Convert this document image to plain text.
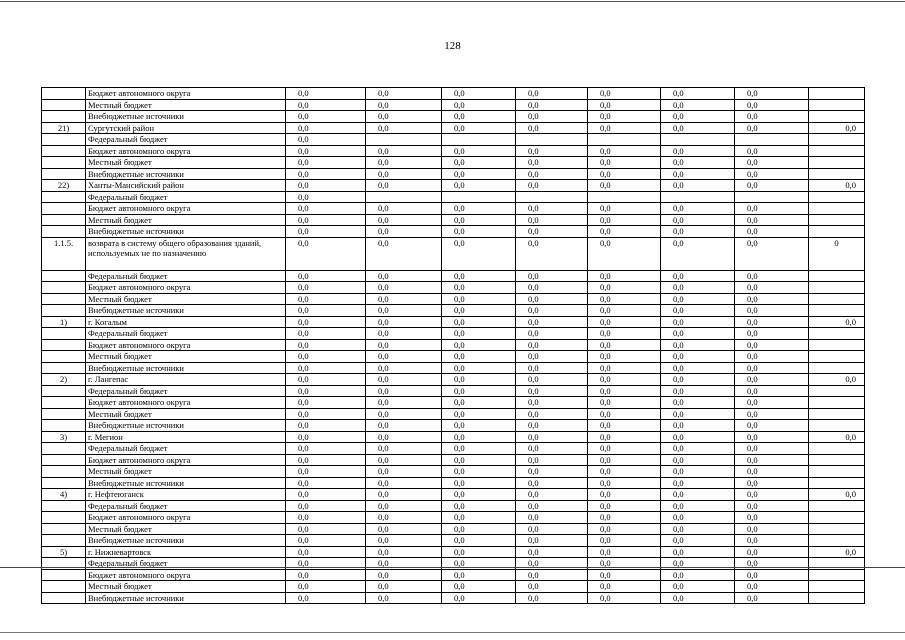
128
	Бюджет автономного округа	0,0	0,0	0,0	0,0	0,0	0,0	0,0	
	Местный бюджет	0,0	0,0	0,0	0,0	0,0	0,0	0,0	
	Внебюджетные источники	0,0	0,0	0,0	0,0	0,0	0,0	0,0	
21)	Сургутский район	0,0	0,0	0,0	0,0	0,0	0,0	0,0	0,0
	Федеральный бюджет	0,0							
	Бюджет автономного округа	0,0	0,0	0,0	0,0	0,0	0,0	0,0	
	Местный бюджет	0,0	0,0	0,0	0,0	0,0	0,0	0,0	
	Внебюджетные источники	0,0	0,0	0,0	0,0	0,0	0,0	0,0	
22)	Ханты-Мансийский район	0,0	0,0	0,0	0,0	0,0	0,0	0,0	0,0
	Федеральный бюджет	0,0							
	Бюджет автономного округа	0,0	0,0	0,0	0,0	0,0	0,0	0,0	
	Местный бюджет	0,0	0,0	0,0	0,0	0,0	0,0	0,0	
	Внебюджетные источники	0,0	0,0	0,0	0,0	0,0	0,0	0,0	
1.1.5.	возврата в систему общего образования зданий, используемых не по назначению	0,0	0,0	0,0	0,0	0,0	0,0	0,0	0
	Федеральный бюджет	0,0	0,0	0,0	0,0	0,0	0,0	0,0	
	Бюджет автономного округа	0,0	0,0	0,0	0,0	0,0	0,0	0,0	
	Местный бюджет	0,0	0,0	0,0	0,0	0,0	0,0	0,0	
	Внебюджетные источники	0,0	0,0	0,0	0,0	0,0	0,0	0,0	
1)	г. Когалым	0,0	0,0	0,0	0,0	0,0	0,0	0,0	0,0
	Федеральный бюджет	0,0	0,0	0,0	0,0	0,0	0,0	0,0	
	Бюджет автономного округа	0,0	0,0	0,0	0,0	0,0	0,0	0,0	
	Местный бюджет	0,0	0,0	0,0	0,0	0,0	0,0	0,0	
	Внебюджетные источники	0,0	0,0	0,0	0,0	0,0	0,0	0,0	
2)	г. Лангепас	0,0	0,0	0,0	0,0	0,0	0,0	0,0	0,0
	Федеральный бюджет	0,0	0,0	0,0	0,0	0,0	0,0	0,0	
	Бюджет автономного округа	0,0	0,0	0,0	0,0	0,0	0,0	0,0	
	Местный бюджет	0,0	0,0	0,0	0,0	0,0	0,0	0,0	
	Внебюджетные источники	0,0	0,0	0,0	0,0	0,0	0,0	0,0	
3)	г. Мегион	0,0	0,0	0,0	0,0	0,0	0,0	0,0	0,0
	Федеральный бюджет	0,0	0,0	0,0	0,0	0,0	0,0	0,0	
	Бюджет автономного округа	0,0	0,0	0,0	0,0	0,0	0,0	0,0	
	Местный бюджет	0,0	0,0	0,0	0,0	0,0	0,0	0,0	
	Внебюджетные источники	0,0	0,0	0,0	0,0	0,0	0,0	0,0	
4)	г. Нефтеюганск	0,0	0,0	0,0	0,0	0,0	0,0	0,0	0,0
	Федеральный бюджет	0,0	0,0	0,0	0,0	0,0	0,0	0,0	
	Бюджет автономного округа	0,0	0,0	0,0	0,0	0,0	0,0	0,0	
	Местный бюджет	0,0	0,0	0,0	0,0	0,0	0,0	0,0	
	Внебюджетные источники	0,0	0,0	0,0	0,0	0,0	0,0	0,0	
5)	г. Нижневартовск	0,0	0,0	0,0	0,0	0,0	0,0	0,0	0,0
	Федеральный бюджет	0,0	0,0	0,0	0,0	0,0	0,0	0,0	
	Бюджет автономного округа	0,0	0,0	0,0	0,0	0,0	0,0	0,0	
	Местный бюджет	0,0	0,0	0,0	0,0	0,0	0,0	0,0	
	Внебюджетные источники	0,0	0,0	0,0	0,0	0,0	0,0	0,0	
